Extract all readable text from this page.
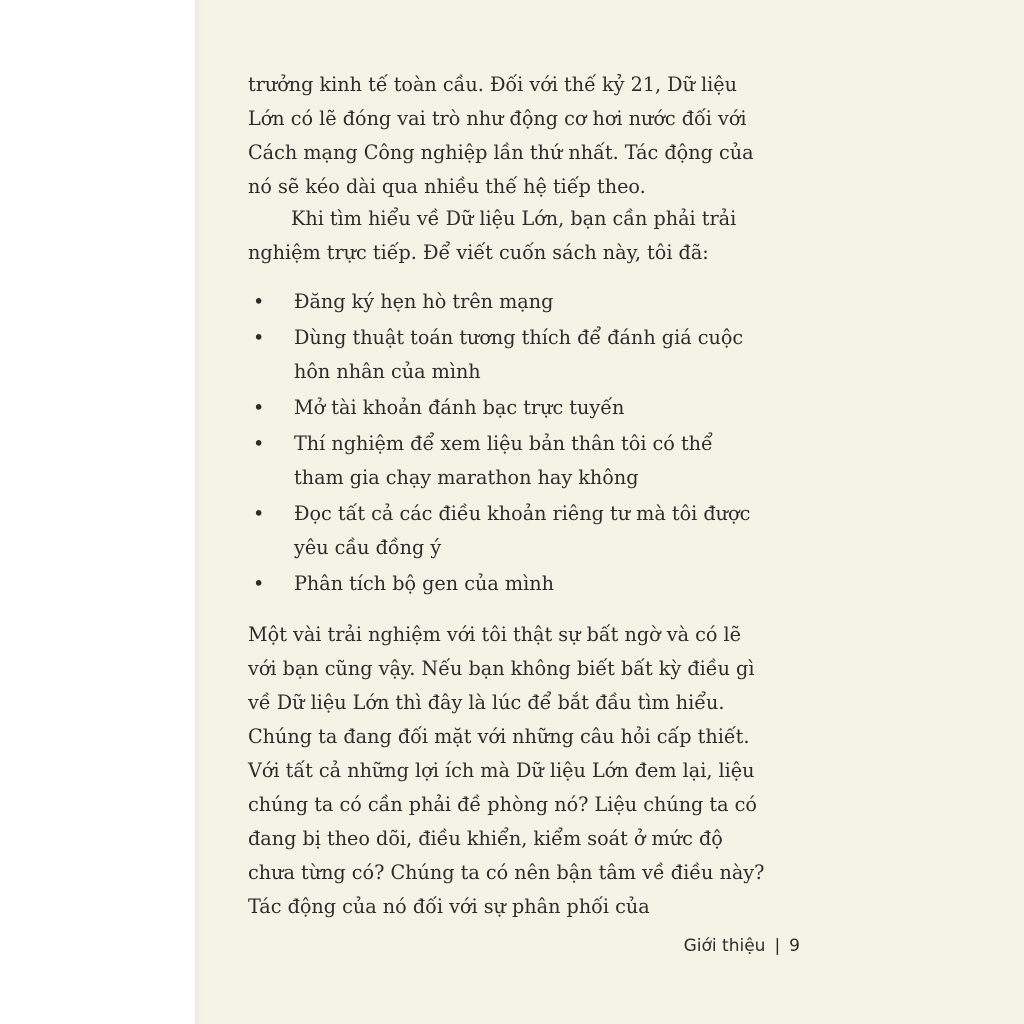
trưởng kinh tế toàn cầu. Đối với thế kỷ 21, Dữ liệu Lớn có lẽ đóng vai trò như động cơ hơi nước đối với Cách mạng Công nghiệp lần thứ nhất. Tác động của nó sẽ kéo dài qua nhiều thế hệ tiếp theo.

Khi tìm hiểu về Dữ liệu Lớn, bạn cần phải trải nghiệm trực tiếp. Để viết cuốn sách này, tôi đã:

• Đăng ký hẹn hò trên mạng
• Dùng thuật toán tương thích để đánh giá cuộc hôn nhân của mình
• Mở tài khoản đánh bạc trực tuyến
• Thí nghiệm để xem liệu bản thân tôi có thể tham gia chạy marathon hay không
• Đọc tất cả các điều khoản riêng tư mà tôi được yêu cầu đồng ý
• Phân tích bộ gen của mình

Một vài trải nghiệm với tôi thật sự bất ngờ và có lẽ với bạn cũng vậy. Nếu bạn không biết bất kỳ điều gì về Dữ liệu Lớn thì đây là lúc để bắt đầu tìm hiểu. Chúng ta đang đối mặt với những câu hỏi cấp thiết. Với tất cả những lợi ích mà Dữ liệu Lớn đem lại, liệu chúng ta có cần phải đề phòng nó? Liệu chúng ta có đang bị theo dõi, điều khiển, kiểm soát ở mức độ chưa từng có? Chúng ta có nên bận tâm về điều này? Tác động của nó đối với sự phân phối của

Giới thiệu | 9
